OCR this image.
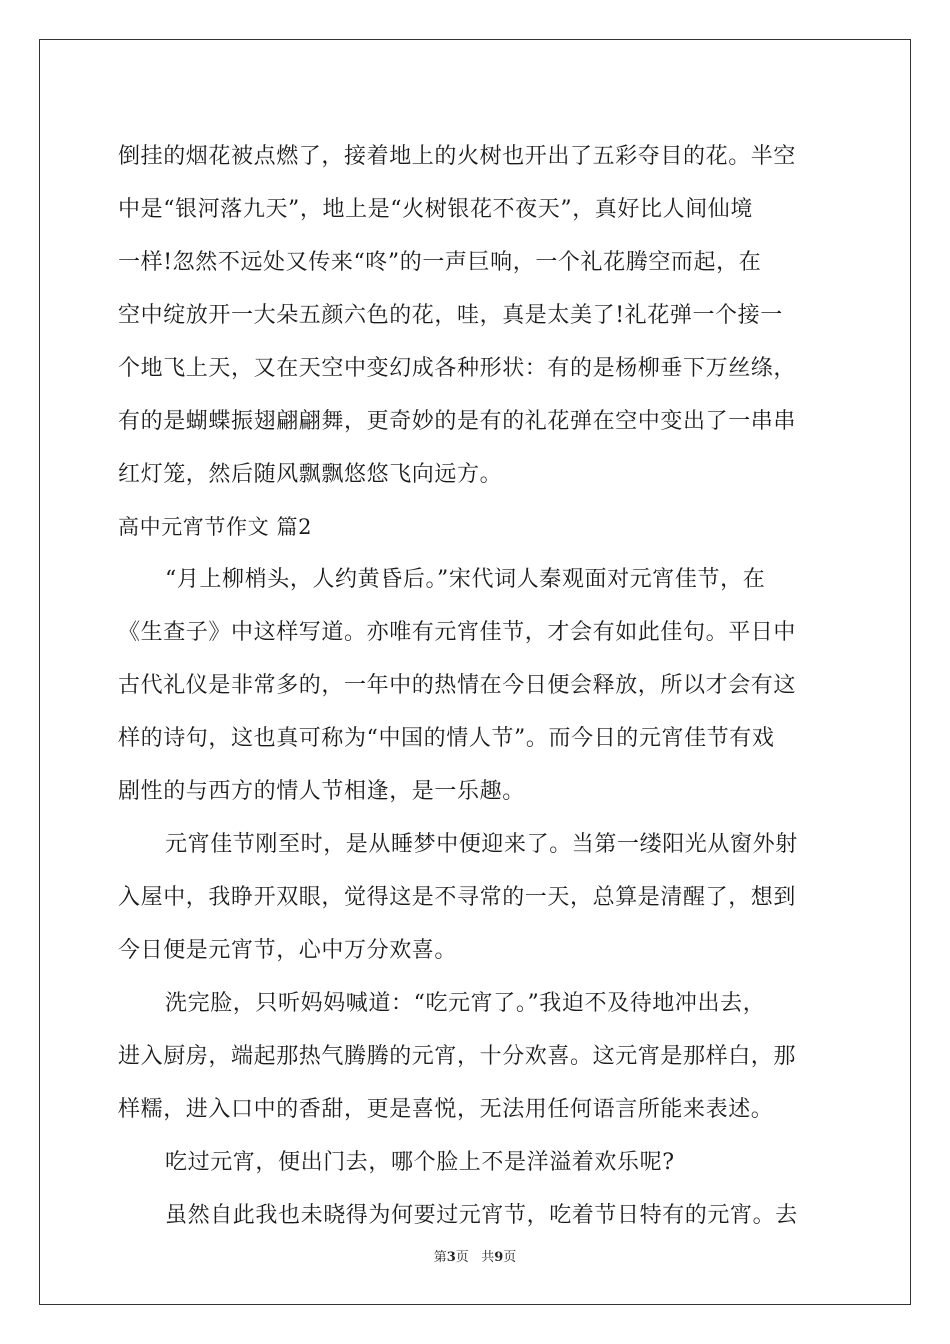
倒挂的烟花被点燃了，接着地上的火树也开出了五彩夺目的花。半空
中是“银河落九天”，地上是“火树银花不夜天”，真好比人间仙境
一样!忽然不远处又传来“咚”的一声巨响，一个礼花腾空而起，在
空中绽放开一大朵五颜六色的花，哇，真是太美了!礼花弹一个接一
个地飞上天，又在天空中变幻成各种形状：有的是杨柳垂下万丝绦，
有的是蝴蝶振翅翩翩舞，更奇妙的是有的礼花弹在空中变出了一串串
红灯笼，然后随风飘飘悠悠飞向远方。
高中元宵节作文 篇2
“月上柳梢头，人约黄昏后。”宋代词人秦观面对元宵佳节，在
《生查子》中这样写道。亦唯有元宵佳节，才会有如此佳句。平日中
古代礼仪是非常多的，一年中的热情在今日便会释放，所以才会有这
样的诗句，这也真可称为“中国的情人节”。而今日的元宵佳节有戏
剧性的与西方的情人节相逢，是一乐趣。
元宵佳节刚至时，是从睡梦中便迎来了。当第一缕阳光从窗外射
入屋中，我睁开双眼，觉得这是不寻常的一天，总算是清醒了，想到
今日便是元宵节，心中万分欢喜。
洗完脸，只听妈妈喊道：“吃元宵了。”我迫不及待地冲出去，
进入厨房，端起那热气腾腾的元宵，十分欢喜。这元宵是那样白，那
样糯，进入口中的香甜，更是喜悦，无法用任何语言所能来表述。
吃过元宵，便出门去，哪个脸上不是洋溢着欢乐呢?
虽然自此我也未晓得为何要过元宵节，吃着节日特有的元宵。去
第3页 共9页
